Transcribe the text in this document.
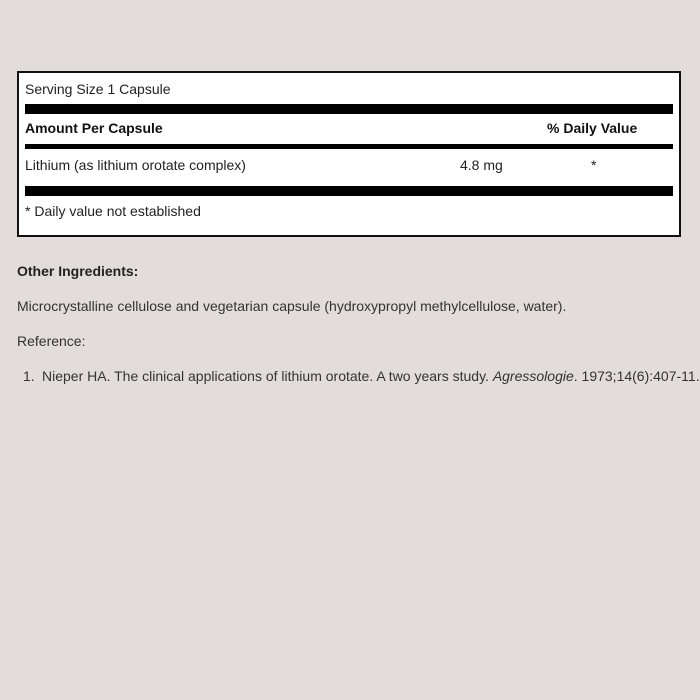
Serving Size 1 Capsule
Amount Per Capsule	% Daily Value
Lithium (as lithium orotate complex)	4.8 mg	*
* Daily value not established
Other Ingredients:
Microcrystalline cellulose and vegetarian capsule (hydroxypropyl methylcellulose, water).
Reference:
1. Nieper HA. The clinical applications of lithium orotate. A two years study. Agressologie. 1973;14(6):407-11.
